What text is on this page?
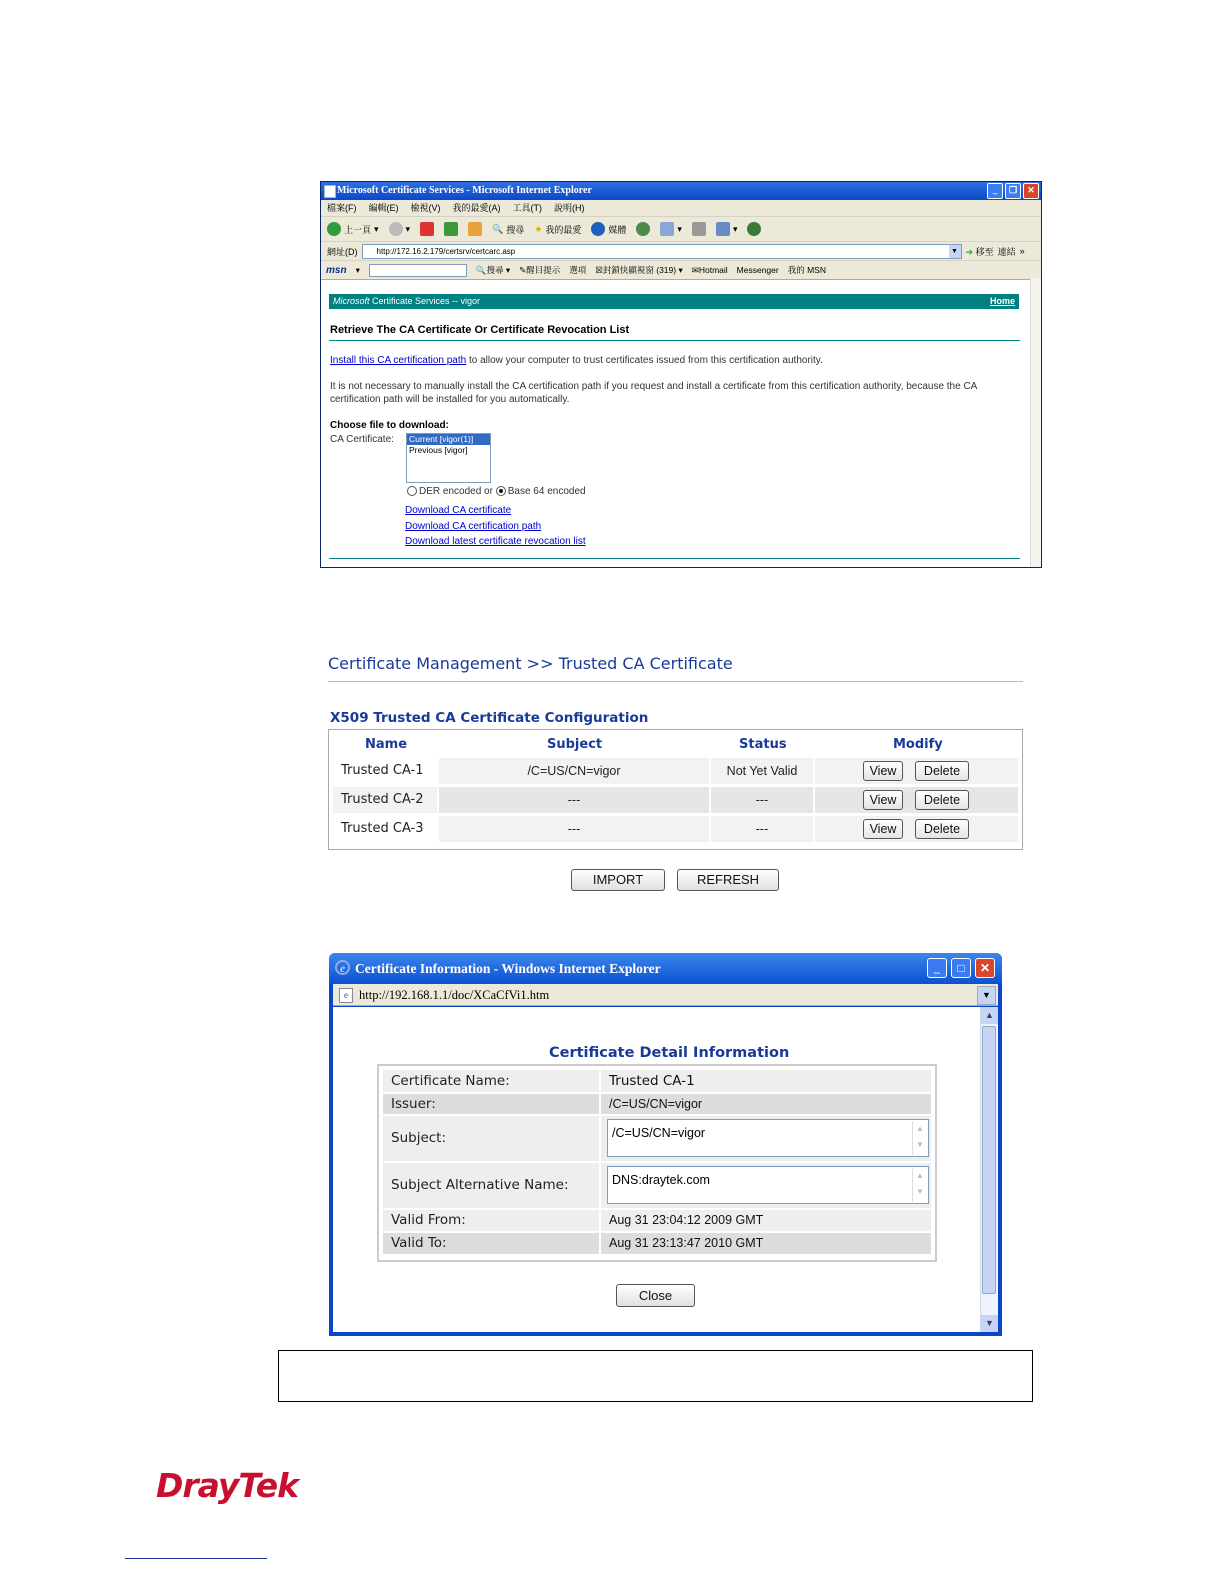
Microsoft Certificate Services - Microsoft Internet Explorer	_	❐	✕
檔案(F) 編輯(E) 檢視(V) 我的最愛(A) 工具(T) 說明(H)
上一頁 ▾	▾	🔍 搜尋 ★ 我的最愛	媒體	▾	▾
網址(D)	http://172.16.2.179/certsrv/certcarc.asp	▼ ➔ 移至 連結 »
msn ▾	🔍搜尋 ▾ ✎醒目提示 選項 ☒封鎖快顯視窗 (319) ▾ ✉Hotmail Messenger 我的 MSN
Microsoft Certificate Services -- vigor	Home
Retrieve The CA Certificate Or Certificate Revocation List
Install this CA certification path to allow your computer to trust certificates issued from this certification authority.
It is not necessary to manually install the CA certification path if you request and install a certificate from this certification authority, because the CA certification path will be installed for you automatically.
Choose file to download:
CA Certificate:	Current [vigor(1)]
Previous [vigor]
DER encoded or Base 64 encoded
Download CA certificate
Download CA certification path
Download latest certificate revocation list
Certificate Management >> Trusted CA Certificate
X509 Trusted CA Certificate Configuration
Name	Subject	Status	Modify
Trusted CA-1	/C=US/CN=vigor	Not Yet Valid	View	Delete
Trusted CA-2	---	---	View	Delete
Trusted CA-3	---	---	View	Delete
IMPORT	REFRESH
e Certificate Information - Windows Internet Explorer	_	□	✕
e http://192.168.1.1/doc/XCaCfVi1.htm	▼
Certificate Detail Information
Certificate Name:	Trusted CA-1
Issuer:	/C=US/CN=vigor
Subject:	/C=US/CN=vigor	▲
▼
Subject Alternative Name:	DNS:draytek.com	▲
▼
Valid From:	Aug 31 23:04:12 2009 GMT
Valid To:	Aug 31 23:13:47 2010 GMT
Close
▲
▼
DrayTek
